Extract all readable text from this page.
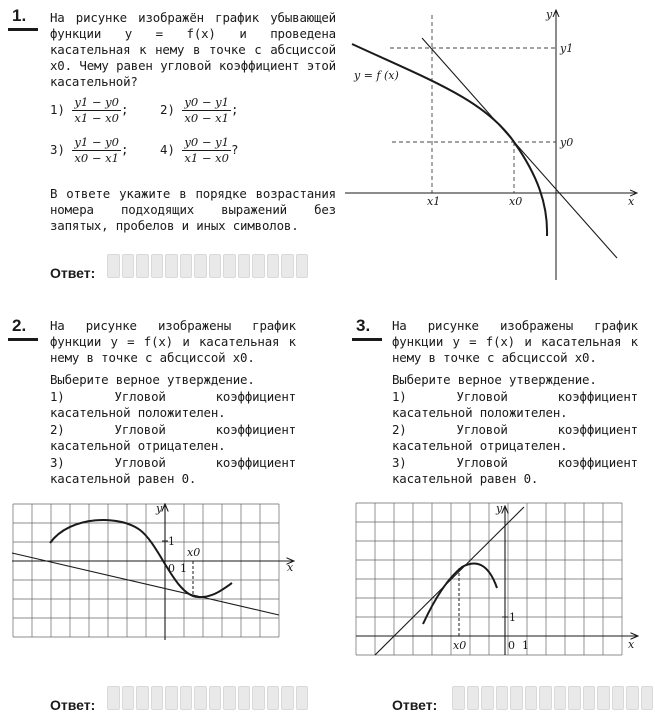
1. На рисунке изображён график убывающей функции y = f(x) и проведена касательная к нему в точке с абсциссой x0. Чему равен угловой коэффициент этой касательной?
$1) \frac{y1 - y0}{x1 - x0}$ ;	$2) \frac{y0 - y1}{x0 - x1}$ ;
$3) \frac{y1 - y0}{x0 - x1}$ ;	$4) \frac{y0 - y1}{x1 - x0}$ ?
В ответе укажите в порядке возрастания номера подходящих выражений без запятых, пробелов и иных символов.
Ответ:
y
x
y1
y0
x1	x0
y = f (x)
2. На рисунке изображены график функции y = f(x) и касательная к нему в точке с абсциссой x0.
Выберите верное утверждение.
1) Угловой коэффициент касательной положителен.
2) Угловой коэффициент касательной отрицателен.
3) Угловой коэффициент касательной равен 0.
y
x
1
0 1
x0
Ответ:
3. На рисунке изображены график функции y = f(x) и касательная к нему в точке с абсциссой x0.
Выберите верное утверждение.
1) Угловой коэффициент касательной положителен.
2) Угловой коэффициент касательной отрицателен.
3) Угловой коэффициент касательной равен 0.
y
x
1
0 1
x0
Ответ:
